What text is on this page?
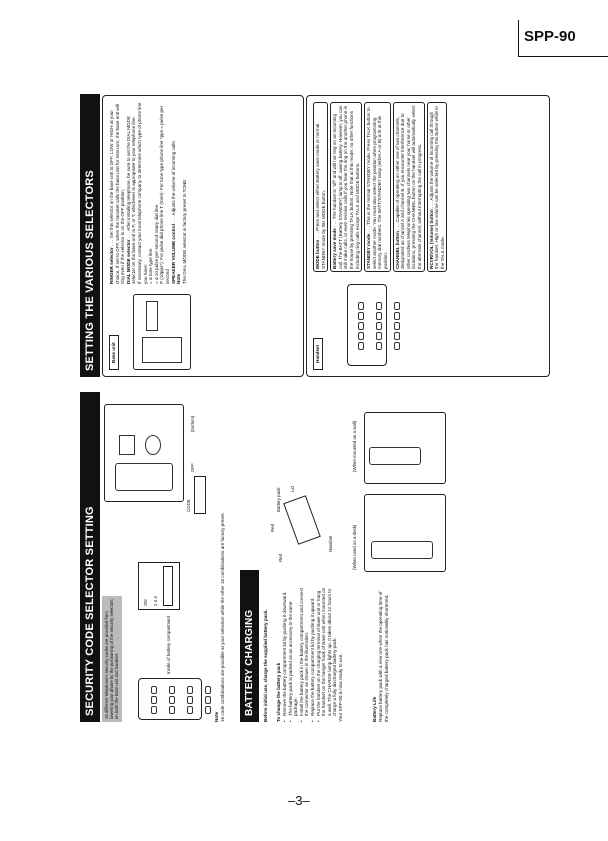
SPP-90
SECURITY CODE SELECTOR SETTING	16 different telephone's security codes are provided from lowering your phone by the positioning of the security selectors on both the base unit and handset.

Inside of battery compartment
ON 2 3 4
CODE
OFF
(bottom)
Note 16 code combinations are possible at your selection while the other 16 combinations are factory preset.	BATTERY CHARGING	Before initial use, charge the supplied battery pack. To change the battery pack • Remove the battery compartment lid by pushing it downward. • The battery pack is packed as an accessory in the same package. • Install the battery pack in the battery compartment and connect the connector as shown in the illustration. • Replace the battery compartment lid by pushing it upward. • Put the handset on the charging terminal of Base unit or hang the handset on the hanger hook of Base unit when mounted on a wall. The CHARGE lamp lights up. It takes about 12 hours to charge a fully discharged battery pack. Your SPP-90 is now ready to use.	Battery Life Replace battery pack with a new one when the operating time of the completely charged battery pack has noticeably shortened.
Red
Red
Battery pack Lid
Handset	(When used on a desk)
(When mounted on a wall)
SETTING THE VARIOUS SELECTORS	Base unit
RINGER selector . . . Set this selector on the base unit to OFF, LOW or HIGH at your choice. If set to OFF, when the handset calls the base unit for intercom, the base unit will ring even if the selector is on the OFF position. DIAL MODE selector . . . After installing telephone, be sure to set the DIAL MODE selector on the base unit to P, or T, whichever is appropriate to your telephone line. If necessary, contact your local telephone company to determine which type of phone line you have: = a tone type line. = a 10 pulse per second rotary dial line. P (10pps*): For pulse dial phone line T (tone): For tone type phone line *pps = pulse per second SPEAKER VOLUME control . . . Adjusts the volume of incoming calls.
Note The DIAL MODE selector is factory preset to TONE.
Handset

MODE button . . . Press and select either Battery save mode or normal STANDBY mode by this MODE button.	Battery save mode . . . The handset is "off" and will not ring on an incoming call. The BATT (Battery STANDBY) lamp is off, saving battery. However, you can still make calls, or even receive calls if you hear the ring on the another phone in the house by pressing TALK button. Note that at this mode, no other functions including ring calls except TALK and MODE buttons.	STANDBY mode . . . This is the normal STANDBY mode. Press TALK button to select another mode. You must also select the position when programming memory dial numbers. The BATT/STANDBY lamp (either A or B) is lit at this position.	CHANNEL button . . . Capable of operating on either one of two channels, designated as channel A and channel B. If you encounter interference due to other cordless telephones operating two channels near your home or other locations, pressing the CHANNEL button on the handset will automatically select the alternate channel, without interrupting the call in progress.	RCVR/VOL (Volume) button . . . Adjusts the volume of incoming call through the handset. High or low volume can be selected by pressing this button while in the TALK mode.
–3–
